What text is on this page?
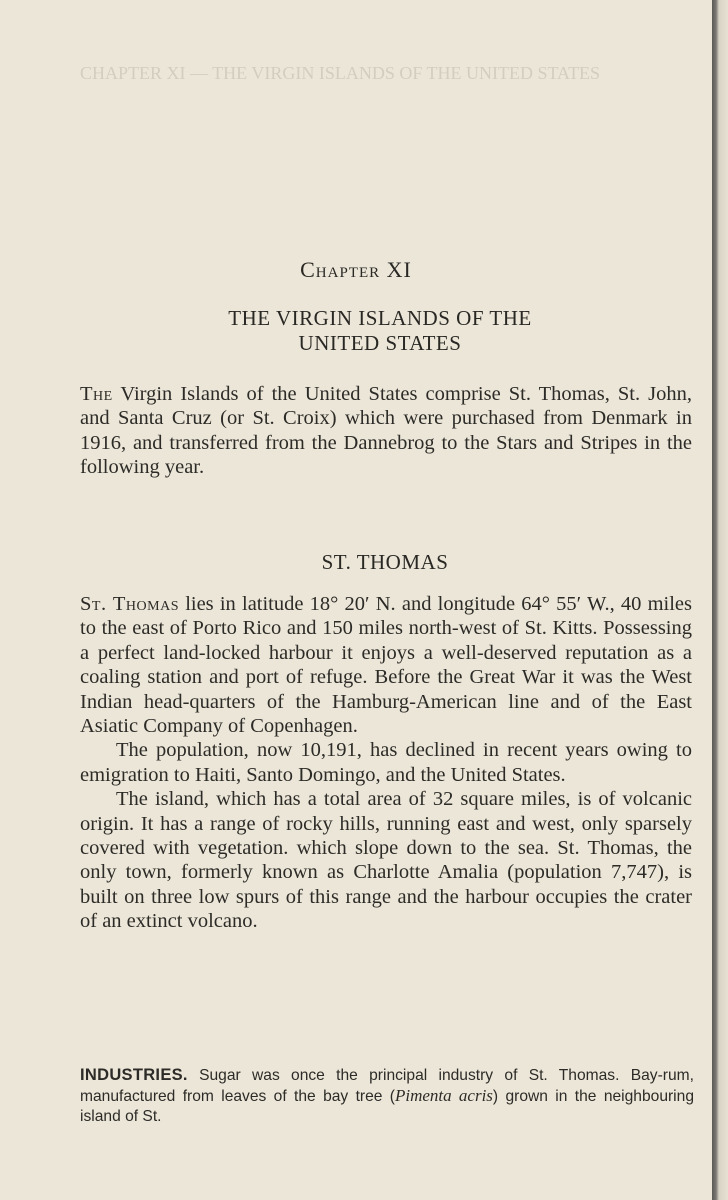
CHAPTER XI — THE VIRGIN ISLANDS OF THE UNITED STATES
Chapter XI
THE VIRGIN ISLANDS OF THE
UNITED STATES

The Virgin Islands of the United States comprise St. Thomas, St. John, and Santa Cruz (or St. Croix) which were purchased from Denmark in 1916, and transferred from the Dannebrog to the Stars and Stripes in the following year.

ST. THOMAS

St. Thomas lies in latitude 18° 20′ N. and longitude 64° 55′ W., 40 miles to the east of Porto Rico and 150 miles north-west of St. Kitts. Possessing a perfect land-locked harbour it enjoys a well-deserved reputation as a coaling station and port of refuge. Before the Great War it was the West Indian head-quarters of the Hamburg-American line and of the East Asiatic Company of Copenhagen.

The population, now 10,191, has declined in recent years owing to emigration to Haiti, Santo Domingo, and the United States.

The island, which has a total area of 32 square miles, is of volcanic origin. It has a range of rocky hills, running east and west, only sparsely covered with vegetation. which slope down to the sea. St. Thomas, the only town, formerly known as Charlotte Amalia (population 7,747), is built on three low spurs of this range and the harbour occupies the crater of an extinct volcano.

INDUSTRIES. Sugar was once the principal industry of St. Thomas. Bay-rum, manufactured from leaves of the bay tree (Pimenta acris) grown in the neighbouring island of St.
